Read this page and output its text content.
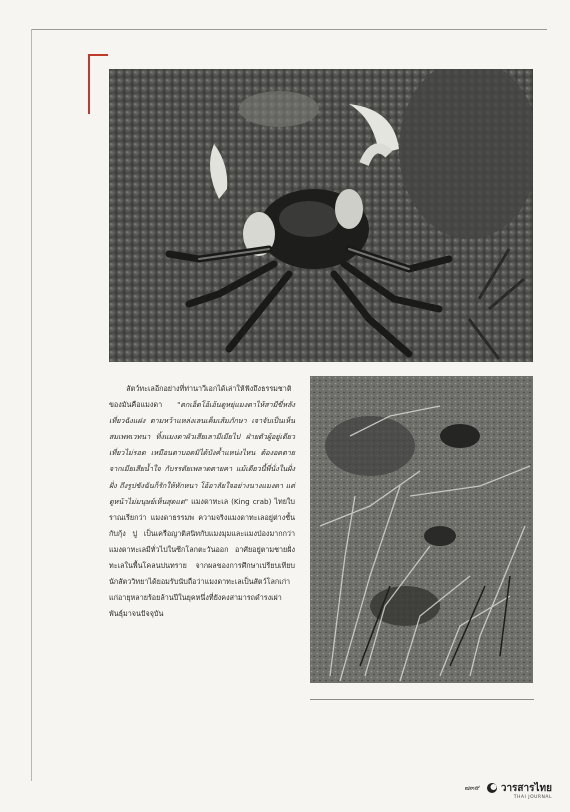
สัตว์ทะเลอีกอย่างที่ท่านาวีเอกได้เล่าให้ฟังถึงธรรมชาติของมันคือแมงดา "ตกเอ็ดโอ้เอ้นดูหยุ่แมงดาไห้สามีขี่หลังเที่ยวฉังแฝง ตามหว้าแหล่งเลนเค็มเส้มภักษา เจาจับเป็นเห็นสมเพทเวทนา ทิ้งแมงดาผัวเสียเลามีเมียไป ฝ่ายตัวผู้อยู่เดียวเที่ยวไม่รอด เหมือนตาบอดมิได้บังค้ำแหน่งไหน ต้องอดตายจากเมียเสียน้ำใจ กับรรดัยเพลาดตายคา แม้เดียวนี้พี่นั่งในฝั่งฝั่ง ถึงรูปชังฉันก็รักให้หักหนา โอ้อาลัยใจอย่างนางแมงดา แต่ดูหน้าไม่มนุษย์เห็นสุดแด" แมงดาทะเล (King crab) ไทยใบราณเรียกว่า แมงดาธรรมพ ความจริงแมงดาทะเลอยู่ต่างชั้นกับกุ้ง ปู เป็นเครือญาติสนิทกับแมงมุมและแมงป่องมากกว่า แมงดาทะเลมีทั่วไปในซีกโลกตะวันออก อาศัยอยู่ตามชายฝั่งทะเลในพื้นโคลนปนทราย จากผลของการศึกษาเปรียบเทียบนักสัตววิทยาได้ยอมรับนับถือว่าแมงดาทะเลเป็นสัตว์โลกเก่าแก่อายุหลายร้อยล้านปีในยุคหนึ่งที่ยังคงสามารถดำรงเผ่าพันธุ์มาจนปัจจุบัน

๗๓๙ วารสารไทย
THAI JOURNAL
